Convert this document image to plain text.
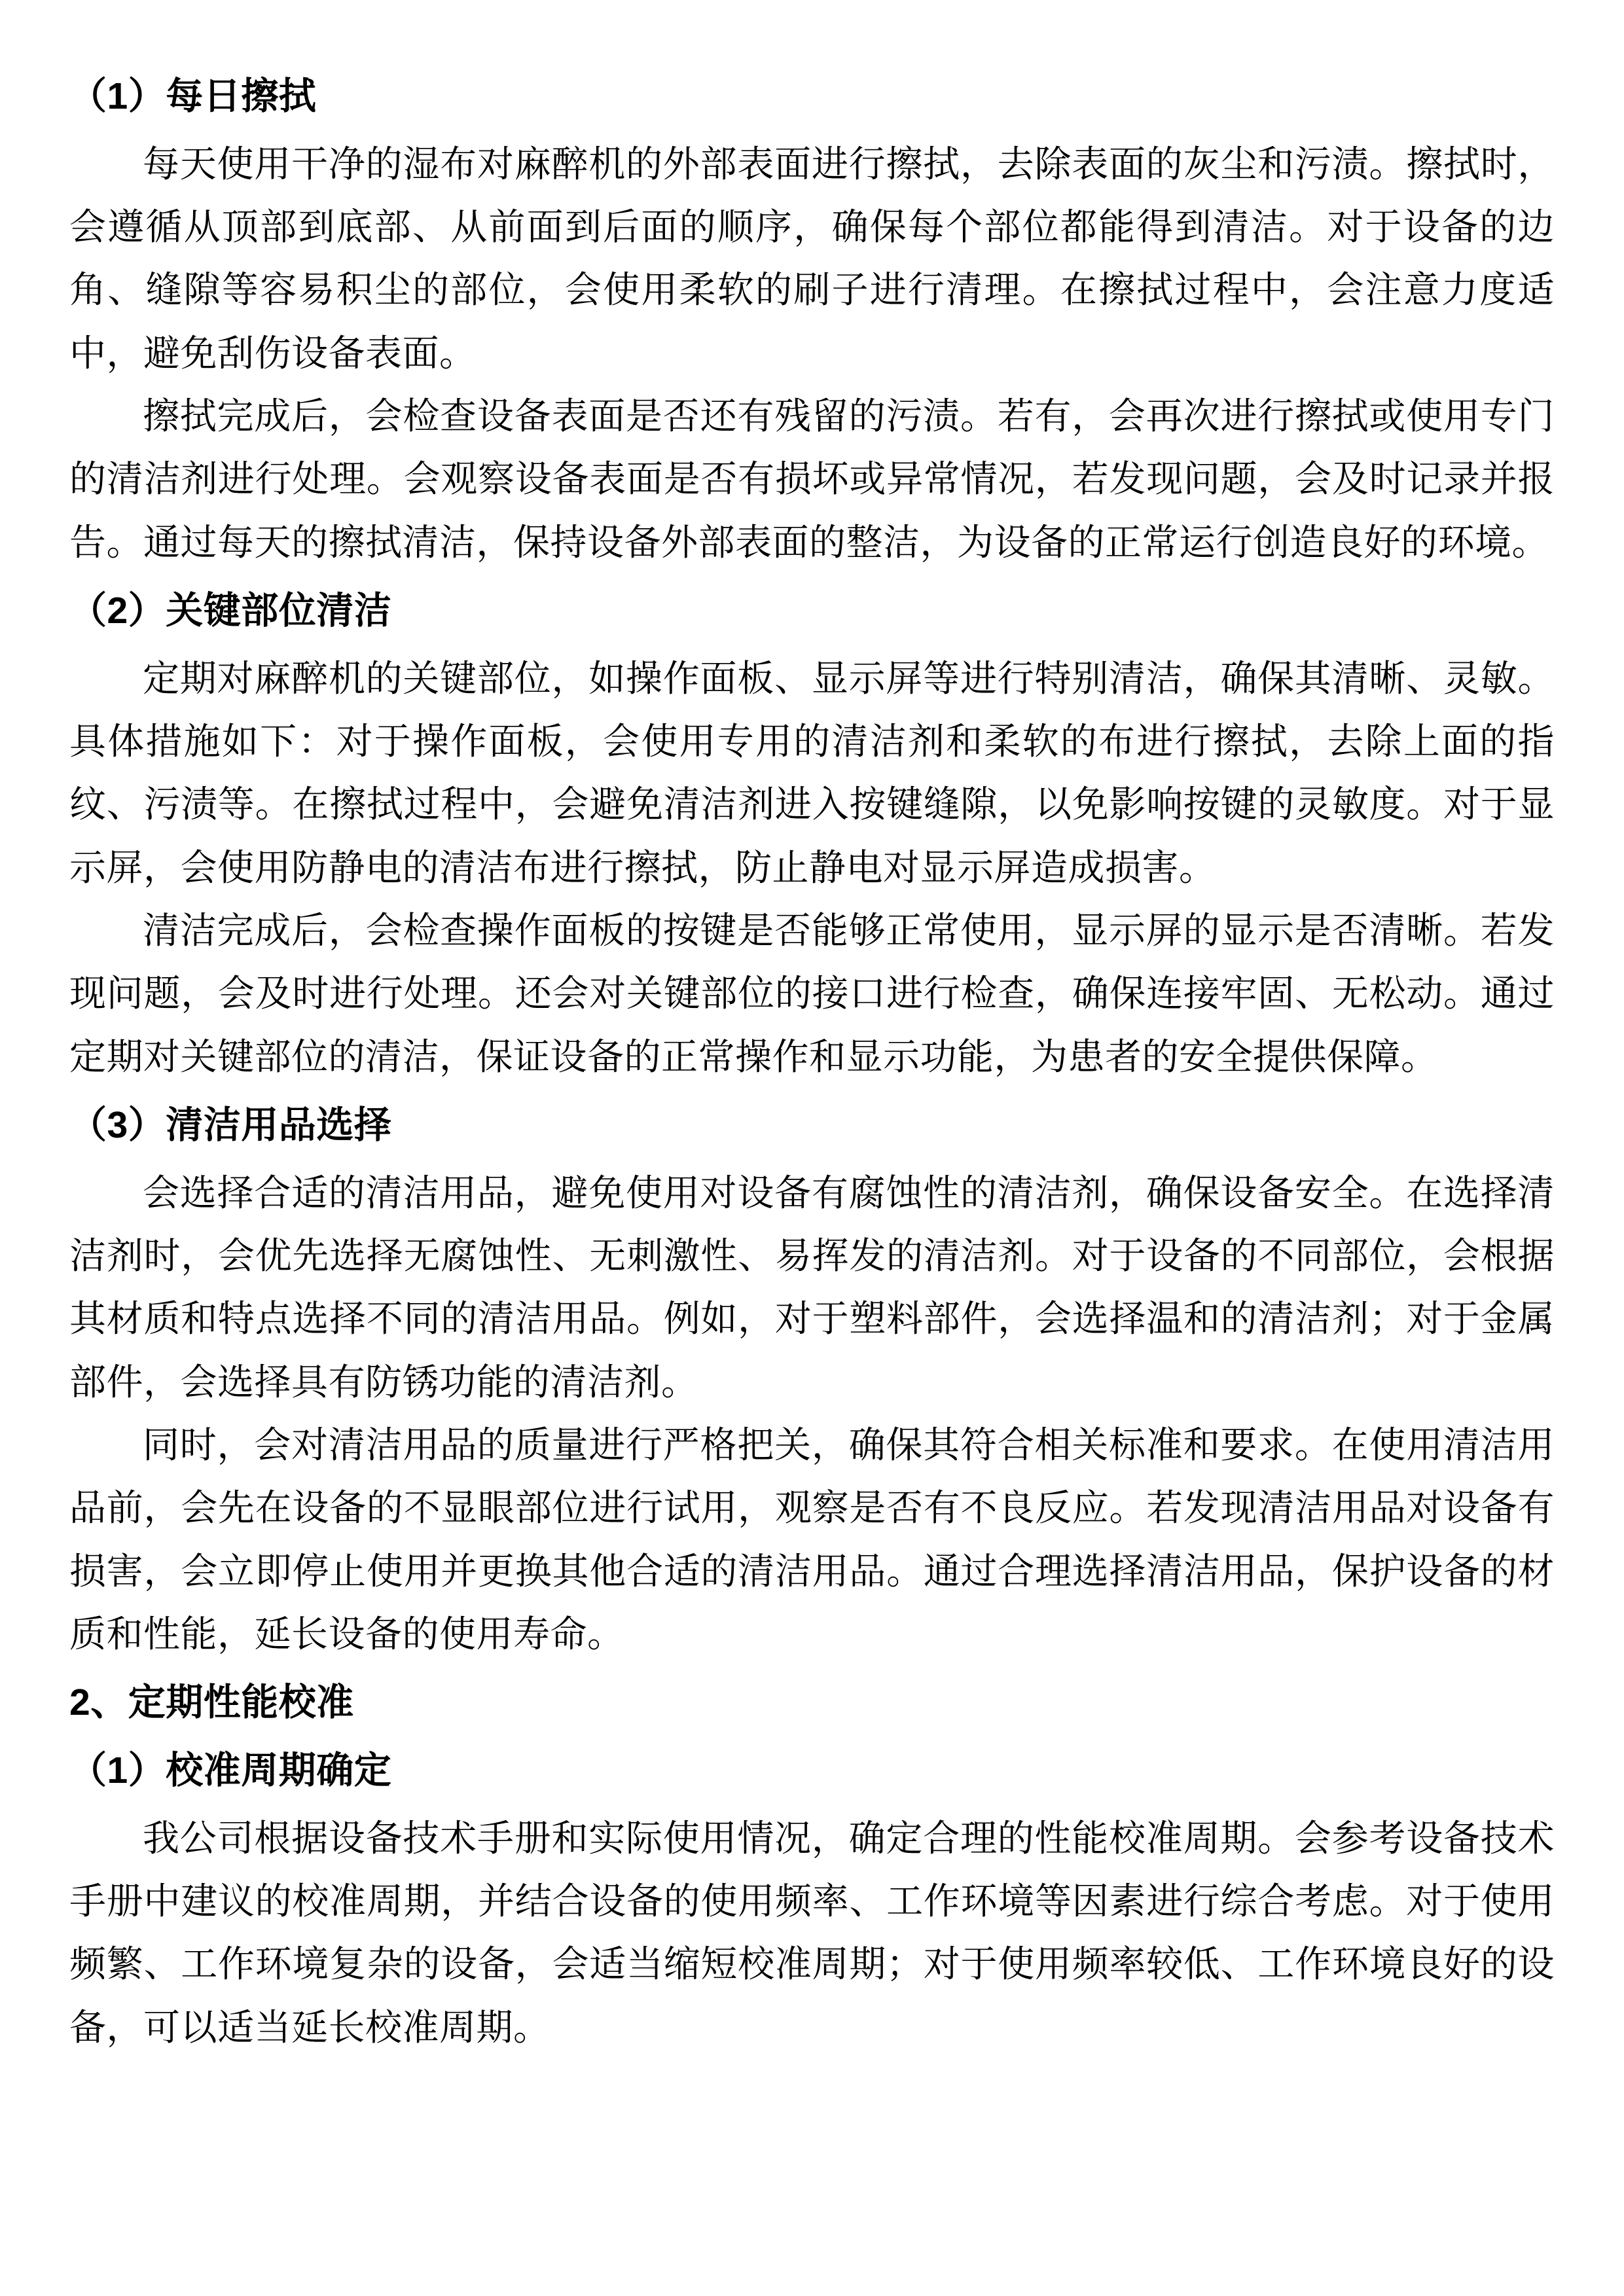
（1）每日擦拭

每天使用干净的湿布对麻醉机的外部表面进行擦拭，去除表面的灰尘和污渍。擦拭时，会遵循从顶部到底部、从前面到后面的顺序，确保每个部位都能得到清洁。对于设备的边角、缝隙等容易积尘的部位，会使用柔软的刷子进行清理。在擦拭过程中，会注意力度适中，避免刮伤设备表面。

擦拭完成后，会检查设备表面是否还有残留的污渍。若有，会再次进行擦拭或使用专门的清洁剂进行处理。会观察设备表面是否有损坏或异常情况，若发现问题，会及时记录并报告。通过每天的擦拭清洁，保持设备外部表面的整洁，为设备的正常运行创造良好的环境。

（2）关键部位清洁

定期对麻醉机的关键部位，如操作面板、显示屏等进行特别清洁，确保其清晰、灵敏。具体措施如下：对于操作面板，会使用专用的清洁剂和柔软的布进行擦拭，去除上面的指纹、污渍等。在擦拭过程中，会避免清洁剂进入按键缝隙，以免影响按键的灵敏度。对于显示屏，会使用防静电的清洁布进行擦拭，防止静电对显示屏造成损害。

清洁完成后，会检查操作面板的按键是否能够正常使用，显示屏的显示是否清晰。若发现问题，会及时进行处理。还会对关键部位的接口进行检查，确保连接牢固、无松动。通过定期对关键部位的清洁，保证设备的正常操作和显示功能，为患者的安全提供保障。

（3）清洁用品选择

会选择合适的清洁用品，避免使用对设备有腐蚀性的清洁剂，确保设备安全。在选择清洁剂时，会优先选择无腐蚀性、无刺激性、易挥发的清洁剂。对于设备的不同部位，会根据其材质和特点选择不同的清洁用品。例如，对于塑料部件，会选择温和的清洁剂；对于金属部件，会选择具有防锈功能的清洁剂。

同时，会对清洁用品的质量进行严格把关，确保其符合相关标准和要求。在使用清洁用品前，会先在设备的不显眼部位进行试用，观察是否有不良反应。若发现清洁用品对设备有损害，会立即停止使用并更换其他合适的清洁用品。通过合理选择清洁用品，保护设备的材质和性能，延长设备的使用寿命。

2、定期性能校准
（1）校准周期确定

我公司根据设备技术手册和实际使用情况，确定合理的性能校准周期。会参考设备技术手册中建议的校准周期，并结合设备的使用频率、工作环境等因素进行综合考虑。对于使用频繁、工作环境复杂的设备，会适当缩短校准周期；对于使用频率较低、工作环境良好的设备，可以适当延长校准周期。
